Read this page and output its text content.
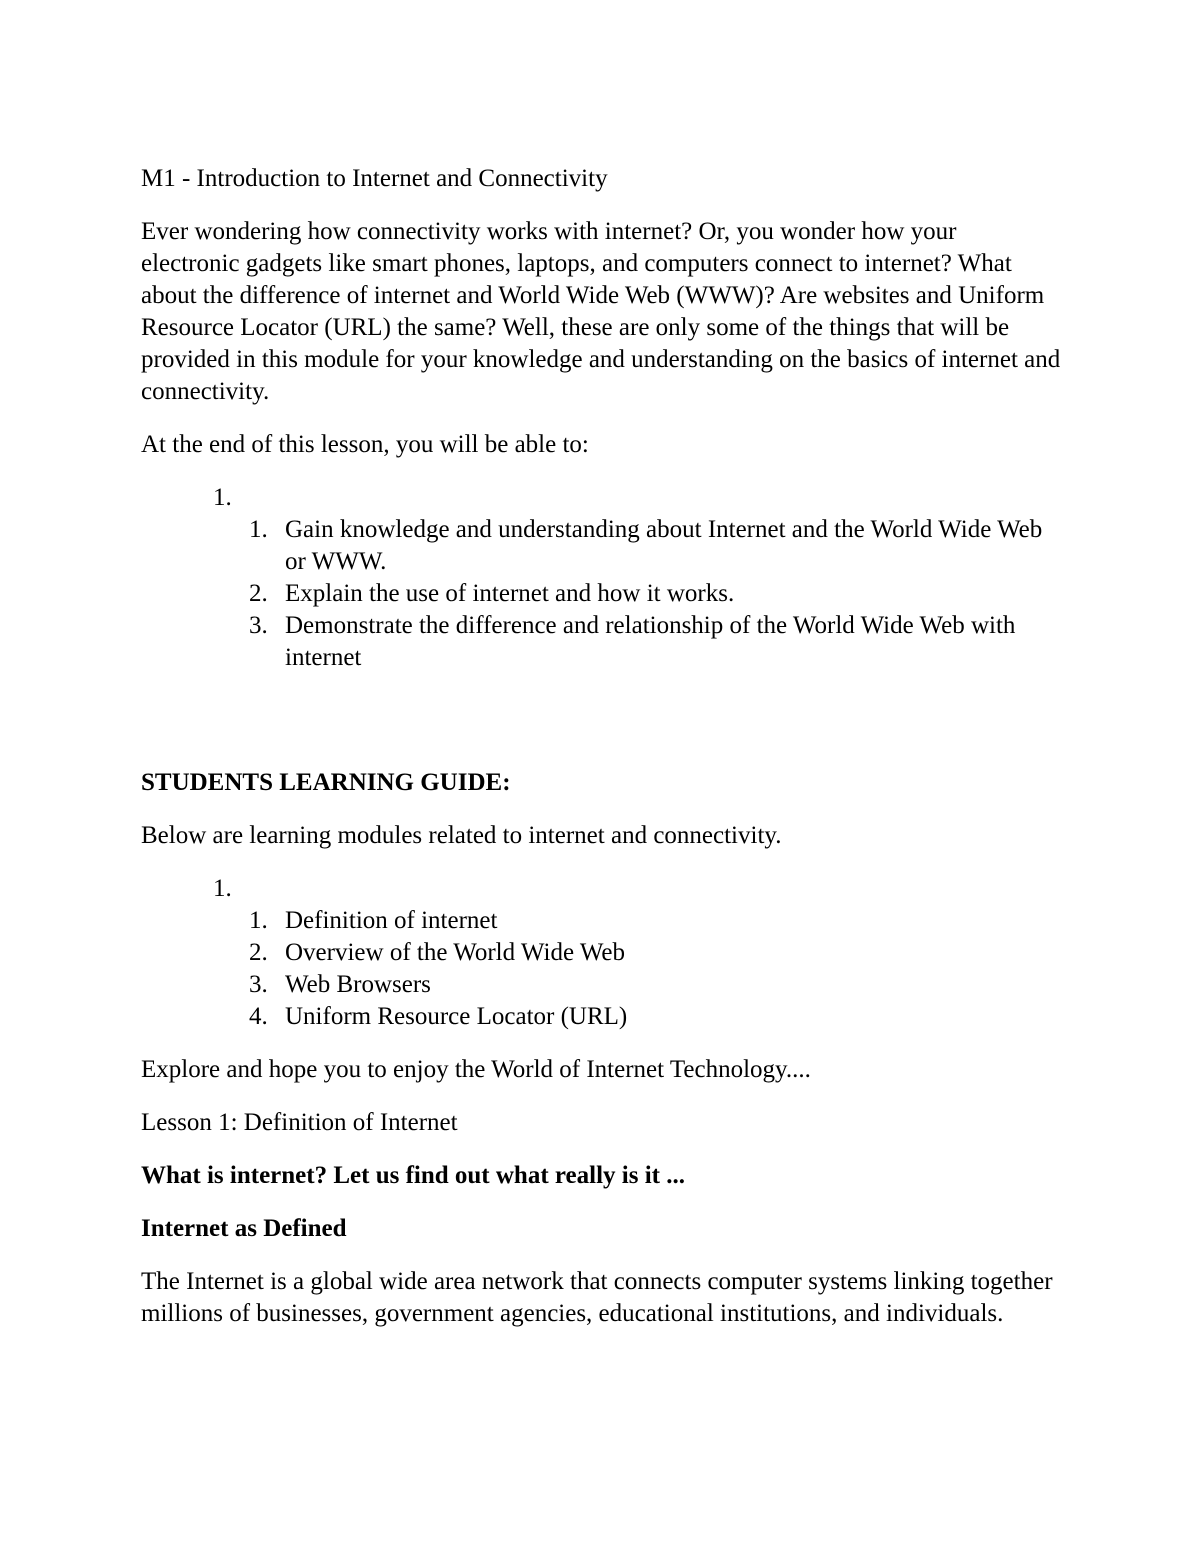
M1 - Introduction to Internet and Connectivity

Ever wondering how connectivity works with internet? Or, you wonder how your electronic gadgets like smart phones, laptops, and computers connect to internet? What about the difference of internet and World Wide Web (WWW)? Are websites and Uniform Resource Locator (URL) the same? Well, these are only some of the things that will be provided in this module for your knowledge and understanding on the basics of internet and connectivity.

At the end of this lesson, you will be able to:

1.
1. Gain knowledge and understanding about Internet and the World Wide Web or WWW.
2. Explain the use of internet and how it works.
3. Demonstrate the difference and relationship of the World Wide Web with internet

STUDENTS LEARNING GUIDE:

Below are learning modules related to internet and connectivity.

1.
1. Definition of internet
2. Overview of the World Wide Web
3. Web Browsers
4. Uniform Resource Locator (URL)

Explore and hope you to enjoy the World of Internet Technology....

Lesson 1: Definition of Internet

What is internet? Let us find out what really is it ...

Internet as Defined

The Internet is a global wide area network that connects computer systems linking together millions of businesses, government agencies, educational institutions, and individuals.
